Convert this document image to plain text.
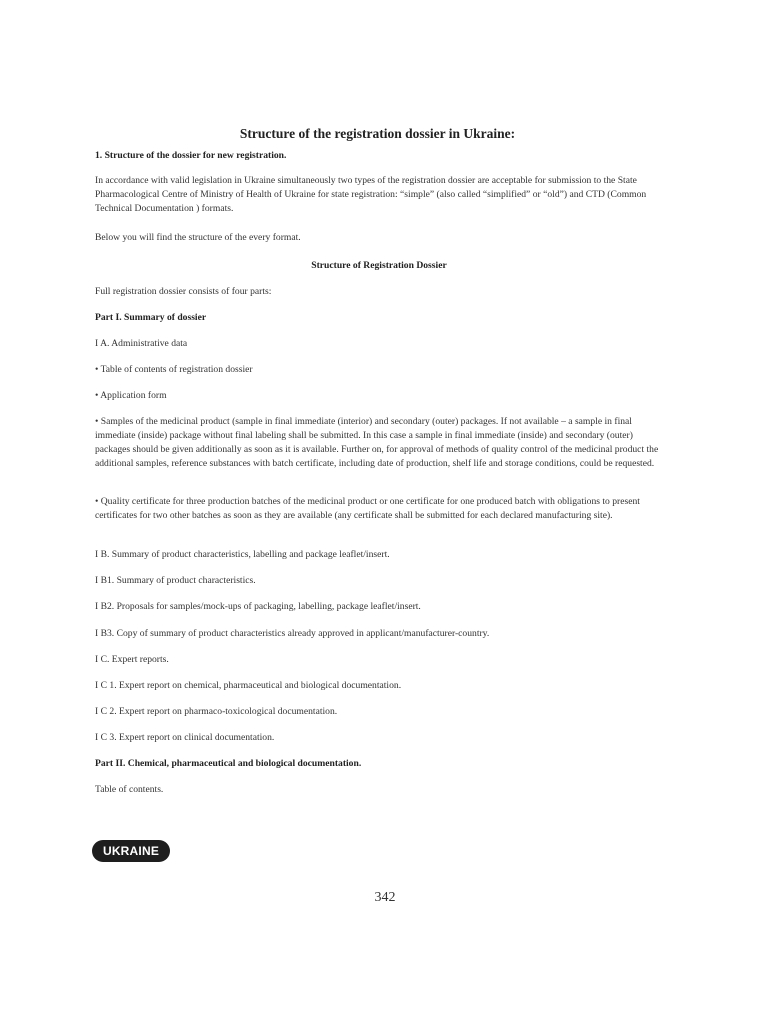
Structure of the registration dossier in Ukraine:
1. Structure of the dossier for new registration.
In accordance with valid legislation in Ukraine simultaneously two types of the registration dossier are acceptable for submission to the State Pharmacological Centre of Ministry of Health of Ukraine for state registration: “simple” (also called “simplified” or “old”) and CTD (Common Technical Documentation ) formats.
Below you will find the structure of the every format.
Structure of Registration Dossier
Full registration dossier consists of four parts:
Part I. Summary of dossier
I A. Administrative data
• Table of contents of registration dossier
• Application form
• Samples of the medicinal product (sample in final immediate (interior) and secondary (outer) packages. If not available – a sample in final immediate (inside) package without final labeling shall be submitted. In this case a sample in final immediate (inside) and secondary (outer) packages should be given additionally as soon as it is available. Further on, for approval of methods of quality control of the medicinal product the additional samples, reference substances with batch certificate, including date of production, shelf life and storage conditions, could be requested.
• Quality certificate for three production batches of the medicinal product or one certificate for one produced batch with obligations to present certificates for two other batches as soon as they are available (any certificate shall be submitted for each declared manufacturing site).
I B. Summary of product characteristics, labelling and package leaflet/insert.
I B1. Summary of product characteristics.
I B2. Proposals for samples/mock-ups of packaging, labelling, package leaflet/insert.
I B3. Copy of summary of product characteristics already approved in applicant/manufacturer-country.
I C. Expert reports.
I C 1. Expert report on chemical, pharmaceutical and biological documentation.
I C 2. Expert report on pharmaco-toxicological documentation.
I C 3. Expert report on clinical documentation.
Part II. Chemical, pharmaceutical and biological documentation.
Table of contents.
UKRAINE
342
